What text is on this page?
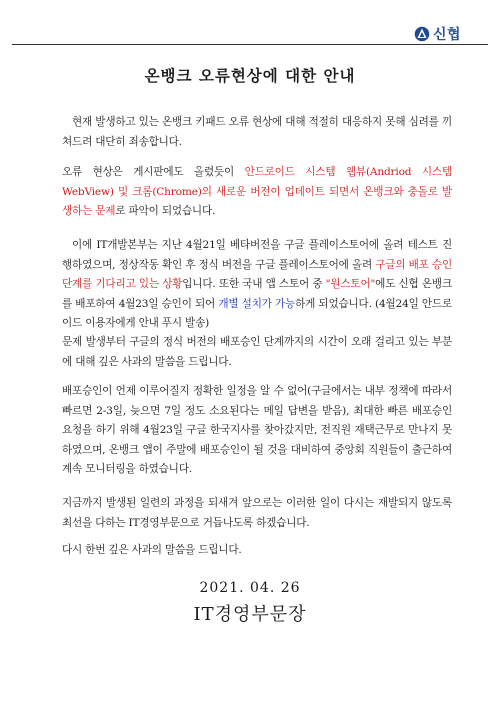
신협
온뱅크 오류현상에 대한 안내

현재 발생하고 있는 온뱅크 키패드 오류 현상에 대해 적절히 대응하지 못해 심려를 끼쳐드려 대단히 죄송합니다.

오류 현상은 게시판에도 올렸듯이 안드로이드 시스템 웹뷰(Andriod 시스템 WebView) 및 크롬(Chrome)의 새로운 버전이 업데이트 되면서 온뱅크와 충돌로 발생하는 문제로 파악이 되었습니다.

이에 IT개발본부는 지난 4월21일 베타버전을 구글 플레이스토어에 올려 테스트 진행하였으며, 정상작동 확인 후 정식 버전을 구글 플레이스토어에 올려 구글의 배포 승인 단계를 기다리고 있는 상황입니다. 또한 국내 앱 스토어 중 "원스토어"에도 신협 온뱅크를 배포하여 4월23일 승인이 되어 개별 설치가 가능하게 되었습니다. (4월24일 안드로이드 이용자에게 안내 푸시 발송)

문제 발생부터 구글의 정식 버전의 배포승인 단계까지의 시간이 오래 걸리고 있는 부분에 대해 깊은 사과의 말씀을 드립니다.

배포승인이 언제 이루어질지 정확한 일정을 알 수 없어(구글에서는 내부 정책에 따라서 빠르면 2-3일, 늦으면 7일 정도 소요된다는 메일 답변을 받음), 최대한 빠른 배포승인 요청을 하기 위해 4월23일 구글 한국지사를 찾아갔지만, 전직원 재택근무로 만나지 못하였으며, 온뱅크 앱이 주말에 배포승인이 될 것을 대비하여 중앙회 직원들이 출근하여 계속 모니터링을 하였습니다.

지금까지 발생된 일련의 과정을 되새겨 앞으로는 이러한 일이 다시는 재발되지 않도록 최선을 다하는 IT경영부문으로 거듭나도록 하겠습니다.

다시 한번 깊은 사과의 말씀을 드립니다.

2021. 04. 26
IT경영부문장
